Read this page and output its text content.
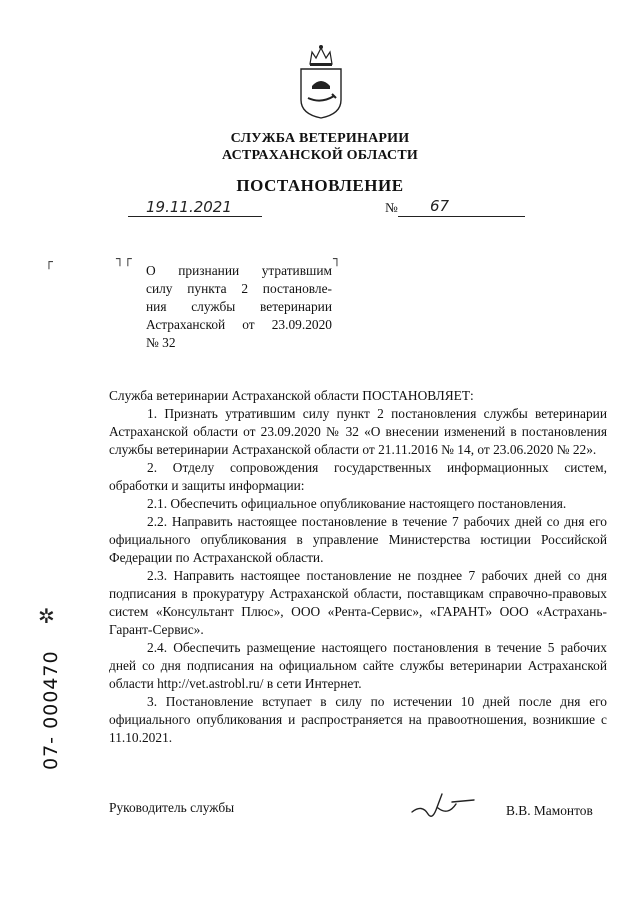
СЛУЖБА ВЕТЕРИНАРИИ
АСТРАХАНСКОЙ ОБЛАСТИ
ПОСТАНОВЛЕНИЕ
19.11.2021	№ 67
┌	┐┌	┐
О признании утратившим
силу пункта 2 постановле-
ния службы ветеринарии
Астраханской от 23.09.2020
№ 32

Служба ветеринарии Астраханской области ПОСТАНОВЛЯЕТ:

1. Признать утратившим силу пункт 2 постановления службы ветеринарии Астраханской области от 23.09.2020 № 32 «О внесении изменений в постановления службы ветеринарии Астраханской области от 21.11.2016 № 14, от 23.06.2020 № 22».

2. Отделу сопровождения государственных информационных систем, обработки и защиты информации:

2.1. Обеспечить официальное опубликование настоящего постановления.

2.2. Направить настоящее постановление в течение 7 рабочих дней со дня его официального опубликования в управление Министерства юстиции Российской Федерации по Астраханской области.

2.3. Направить настоящее постановление не позднее 7 рабочих дней со дня подписания в прокуратуру Астраханской области, поставщикам справочно-правовых систем «Консультант Плюс», ООО «Рента-Сервис», «ГАРАНТ» ООО «Астрахань-Гарант-Сервис».

2.4. Обеспечить размещение настоящего постановления в течение 5 рабочих дней со дня подписания на официальном сайте службы ветеринарии Астраханской области http://vet.astrobl.ru/ в сети Интернет.

3. Постановление вступает в силу по истечении 10 дней после дня его официального опубликования и распространяется на правоотношения, возникшие с 11.10.2021.

Руководитель службы	В.В. Мамонтов
✲
07- 000470
